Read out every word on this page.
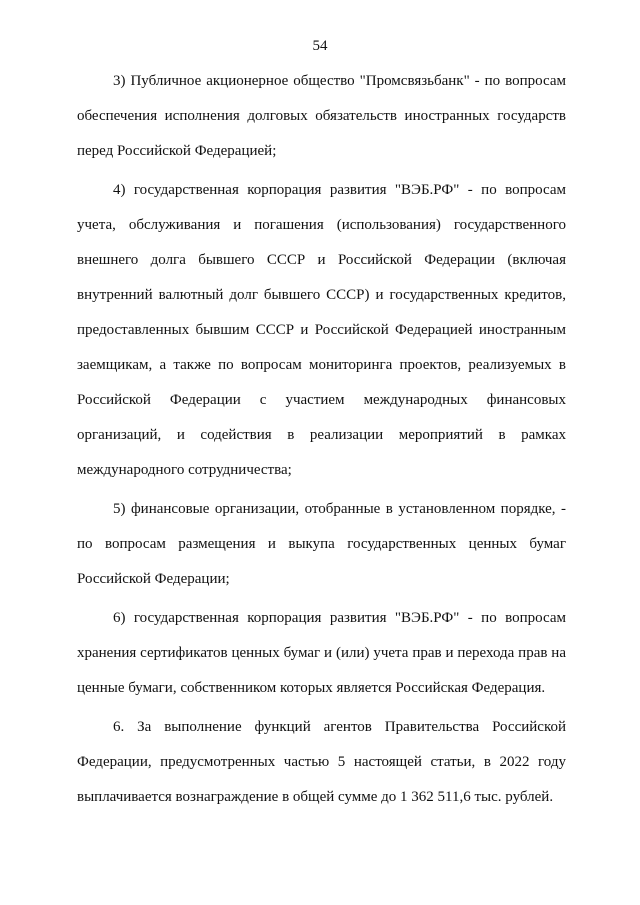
54

3) Публичное акционерное общество "Промсвязьбанк" - по вопросам обеспечения исполнения долговых обязательств иностранных государств перед Российской Федерацией;

4) государственная корпорация развития "ВЭБ.РФ" - по вопросам учета, обслуживания и погашения (использования) государственного внешнего долга бывшего СССР и Российской Федерации (включая внутренний валютный долг бывшего СССР) и государственных кредитов, предоставленных бывшим СССР и Российской Федерацией иностранным заемщикам, а также по вопросам мониторинга проектов, реализуемых в Российской Федерации с участием международных финансовых организаций, и содействия в реализации мероприятий в рамках международного сотрудничества;

5) финансовые организации, отобранные в установленном порядке, - по вопросам размещения и выкупа государственных ценных бумаг Российской Федерации;

6) государственная корпорация развития "ВЭБ.РФ" - по вопросам хранения сертификатов ценных бумаг и (или) учета прав и перехода прав на ценные бумаги, собственником которых является Российская Федерация.

6. За выполнение функций агентов Правительства Российской Федерации, предусмотренных частью 5 настоящей статьи, в 2022 году выплачивается вознаграждение в общей сумме до 1 362 511,6 тыс. рублей.
